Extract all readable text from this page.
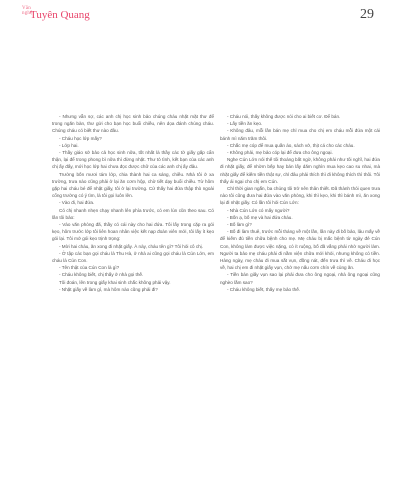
Văn nghệ
Tuyên Quang	29

- Nhưng vẫn sợ, các anh chị học sinh bảo chúng cháu nhặt mặt thư để trong ngăn bàn, thư gửi cho bạn học buổi chiều, nên dọa đánh chúng cháu. Chúng cháu có biết thư nào đâu.

- Cháu học lớp mấy?

- Lớp hai.

- Thầy giáo sở bảo cả học sinh nữa, tốt nhất là thầy các tờ giấy gấp cẩn thận, lại để trong phong bì nữa thì đừng nhặt. Thư tỏ tình, kết bạn của các anh chị ấy đấy, mới học lớp hai chưa đọc được chữ của các anh chị ấy đâu.

Trường bốn mươi tám lớp, chia thành hai ca sáng, chiều. Nhà tôi ở xa trường, trưa nào cũng phải ở lại ăn cơm hộp, chờ tiết dạy buổi chiều. Từ hôm gặp hai cháu bé để nhặt giấy, tôi ở lại trường. Cứ thấy hai đứa thập thò ngoài cổng trường có ý tìm, là tôi gọi luôn lên.

- Vào đi, hai đứa.

Có chị nhanh nhẹn chạy nhanh lên phía trước, có em lùn cũn theo sau. Có lần tôi bảo:

- Vào văn phòng đã, thầy có cái này cho hai đứa. Tôi lấy trong cặp ra gói kẹo, hôm trước lớp tôi liên hoan nhân việc kết nạp đoàn viên mới, tôi lấy ít kẹo gói lại. Tôi mở gói kẹo trịnh trọng:

- Mời hai cháu, ăn xong đi nhặt giấy. À này, cháu tên gì? Tôi hỏi cô chị.

- Ở tập các bạn gọi cháu là Thu Hà, ở nhà ai cũng gọi cháu là Cún Lớn, em cháu là Cún Con.

- Tên thật của Cún Con là gì?

- Cháu không biết, chị thấy ở nhà gọi thế.

Tôi đoán, lên trong giấy khai sinh chắc không phải vậy.

- Nhặt giấy về làm gì, mà hôm nào cũng phải đi?

- Cháu nói, thấy không được nói cho ai biết cơ. Để bán.

- Lấy tiền ăn kẹo.

- Không đâu, mỗi lần bán mẹ chỉ mua cho chị em cháu mỗi đứa một cái bánh mì năm trăm thôi.

- Chắc mẹ cóp để mua quần áo, sách vở, thịt cá cho các cháu.

- Không phải, mẹ bảo cóp lại để đưa cho ông ngoại.

Nghe Cún Lớn nói thế tôi thoáng bất ngờ, không phải như tôi nghĩ, hai đứa đi nhặt giấy, để nhờm bếp hay bán lấy dăm nghìn mua kẹo cao su nhai, mà nhặt giấy để kiếm tiền thật sự, chỉ đâu phải thích thì đi không thích thì thôi. Tôi thấy ái ngại cho chị em Cún.

Chỉ thời gian ngắn, ba chúng tôi trở nên thân thiết. Đã thành thói quen trưa nào tôi cũng đưa hai đứa vào văn phòng, khi thì kẹo, khi thì bánh mì, ăn xong lại đi nhặt giấy. Có lần tôi hỏi Cún Lớn:

- Nhà Cún Lớn có mấy người?

- Bốn ạ, bố mẹ và hai đứa cháu.

- Bố làm gì?

- Bố đi làm thuê, trước mỗi tháng về một lần, lần này đi bố bảo, lâu mấy về để kiếm đủ tiền chữa bệnh cho mẹ. Mẹ cháu bị mắc bệnh từ ngày đẻ Cún Con, không làm được việc nặng, có ít ruộng, bố đã vắng phải nhờ người làm. Người ta bảo mẹ cháu phải đi nằm viện chữa mới khỏi, nhưng không có tiền. Hàng ngày, mẹ cháu đi mua sắt vụn, đồng nát, đến trưa thì về. Cháu đi học về, hai chị em đi nhặt giấy vụn, chờ mẹ nấu cơm chín về cùng ăn.

- Tiền bán giấy vụn sao lại phải đưa cho ông ngoại, nhà ông ngoại cũng nghèo lắm sao?

- Cháu không biết, thấy mẹ bảo thế.
